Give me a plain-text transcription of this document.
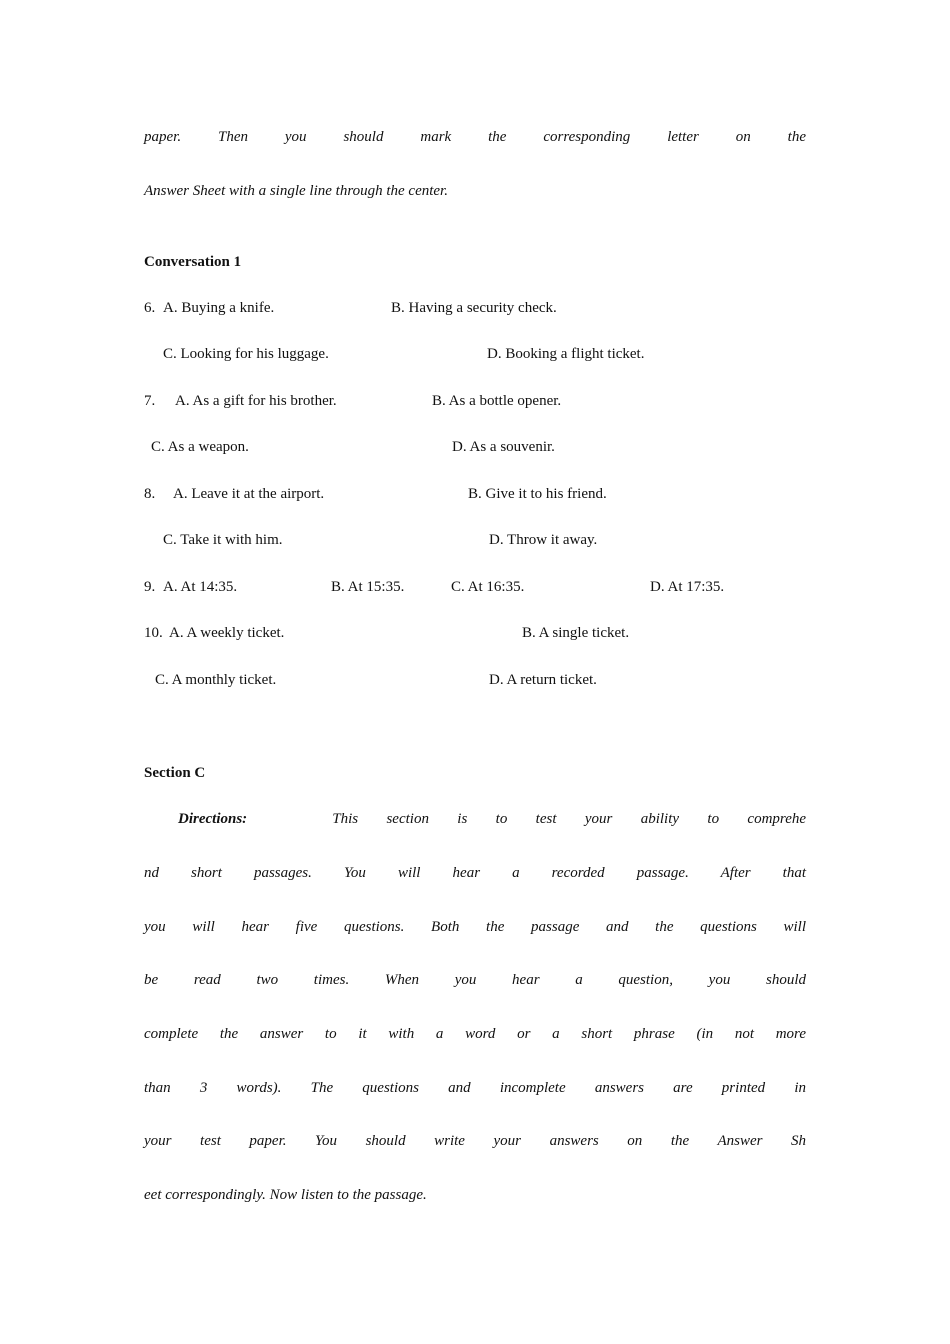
paper. Then you should mark the corresponding letter on the
Answer Sheet with a single line through the center.
Conversation 1
6. A. Buying a knife.	B. Having a security check.
C. Looking for his luggage.	D. Booking a flight ticket.
7. A. As a gift for his brother.	B. As a bottle opener.
C. As a weapon.	D. As a souvenir.
8. A. Leave it at the airport.	B. Give it to his friend.
C. Take it with him.	D. Throw it away.
9. A. At 14:35.	B. At 15:35.	C. At 16:35.	D. At 17:35.
10. A. A weekly ticket.	B. A single ticket.
C. A monthly ticket.	D. A return ticket.
Section C
Directions:	This section is to test your ability to comprehe
nd short passages. You will hear a recorded passage. After that
you will hear five questions. Both the passage and the questions will
be read two times. When you hear a question, you should
complete the answer to it with a word or a short phrase (in not more
than 3 words). The questions and incomplete answers are printed in
your test paper. You should write your answers on the Answer Sh
eet correspondingly. Now listen to the passage.
